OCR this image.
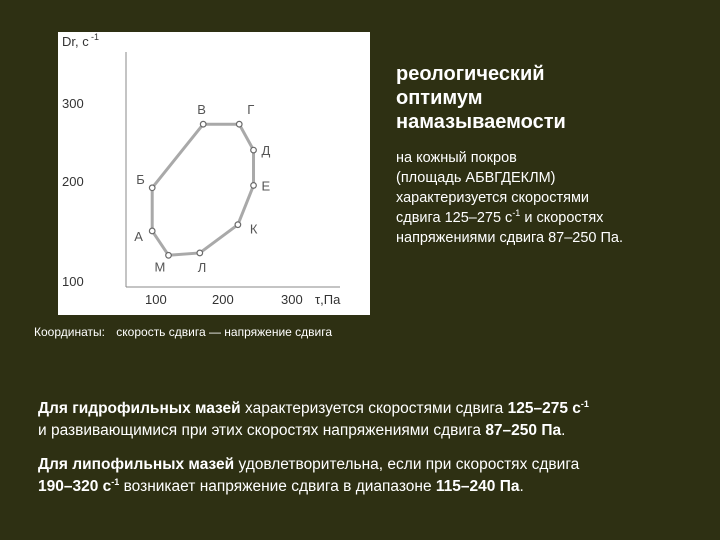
Dr, c -1
300
200
100
100	200	300 τ,Па
А
Б
В	Г
Д
Е
К
Л
М
Координаты: скорость сдвига — напряжение сдвига
реологический
оптимум
намазываемости
на кожный покров
(площадь АБВГДЕКЛМ)
характеризуется скоростями
сдвига 125–275 $с^{-1}$ и скоростях
напряжениями сдвига 87–250 Па.
Для гидрофильных мазей характеризуется скоростями сдвига 125–275 $с^{-1}$
и развивающимися при этих скоростях напряжениями сдвига 87–250 Па.
Для липофильных мазей удовлетворительна, если при скоростях сдвига
190–320 $с^{-1}$ возникает напряжение сдвига в диапазоне 115–240 Па.
